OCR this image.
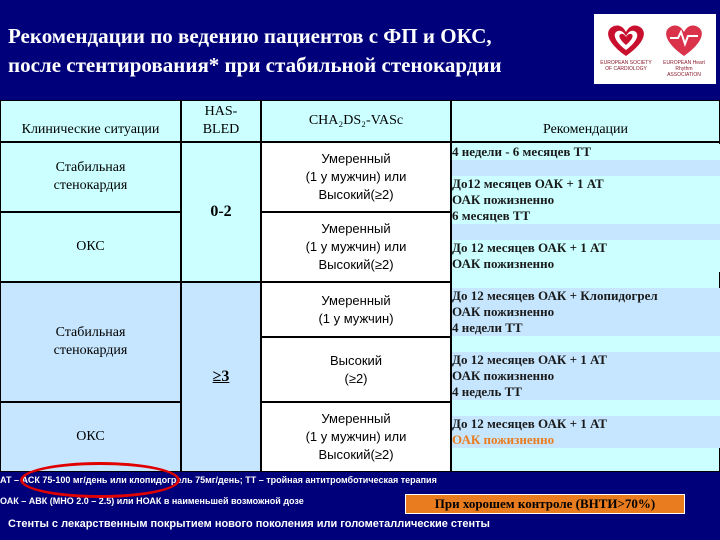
Рекомендации по ведению пациентов с ФП и ОКС,
после стентирования* при стабильной стенокардии	EUROPEAN SOCIETY OF CARDIOLOGY
EUROPEAN Heart Rhythm ASSOCIATION
Клинические ситуации
HAS-BLED
CHA₂DS₂-VASc
Рекомендации
Стабильная стенокардия
ОКС
Стабильная стенокардия
ОКС
0-2
≥3
Умеренный
(1 у мужчин) или
Высокий(≥2)
Умеренный
(1 у мужчин) или
Высокий(≥2)
Умеренный
(1 у мужчин)
Высокий
(≥2)
Умеренный
(1 у мужчин) или
Высокий(≥2)
4 недели - 6 месяцев ТТ
До12 месяцев ОАК + 1 АТ
ОАК пожизненно
6 месяцев ТТ
До 12 месяцев ОАК + 1 АТ
ОАК пожизненно
До 12 месяцев ОАК + Клопидогрел
ОАК пожизненно
4 недели ТТ
До 12 месяцев ОАК + 1 АТ
ОАК пожизненно
4 недель ТТ
До 12 месяцев ОАК + 1 АТ
ОАК пожизненно
АТ – АСК 75-100 мг/день или клопидогрель 75мг/день; ТТ – тройная антитромботическая терапия
ОАК – АВК (МНО 2.0 – 2.5) или НОАК в наименьшей возможной дозе	При хорошем контроле (ВНТИ>70%)
Стенты с лекарственным покрытием нового поколения или голометаллические стенты
